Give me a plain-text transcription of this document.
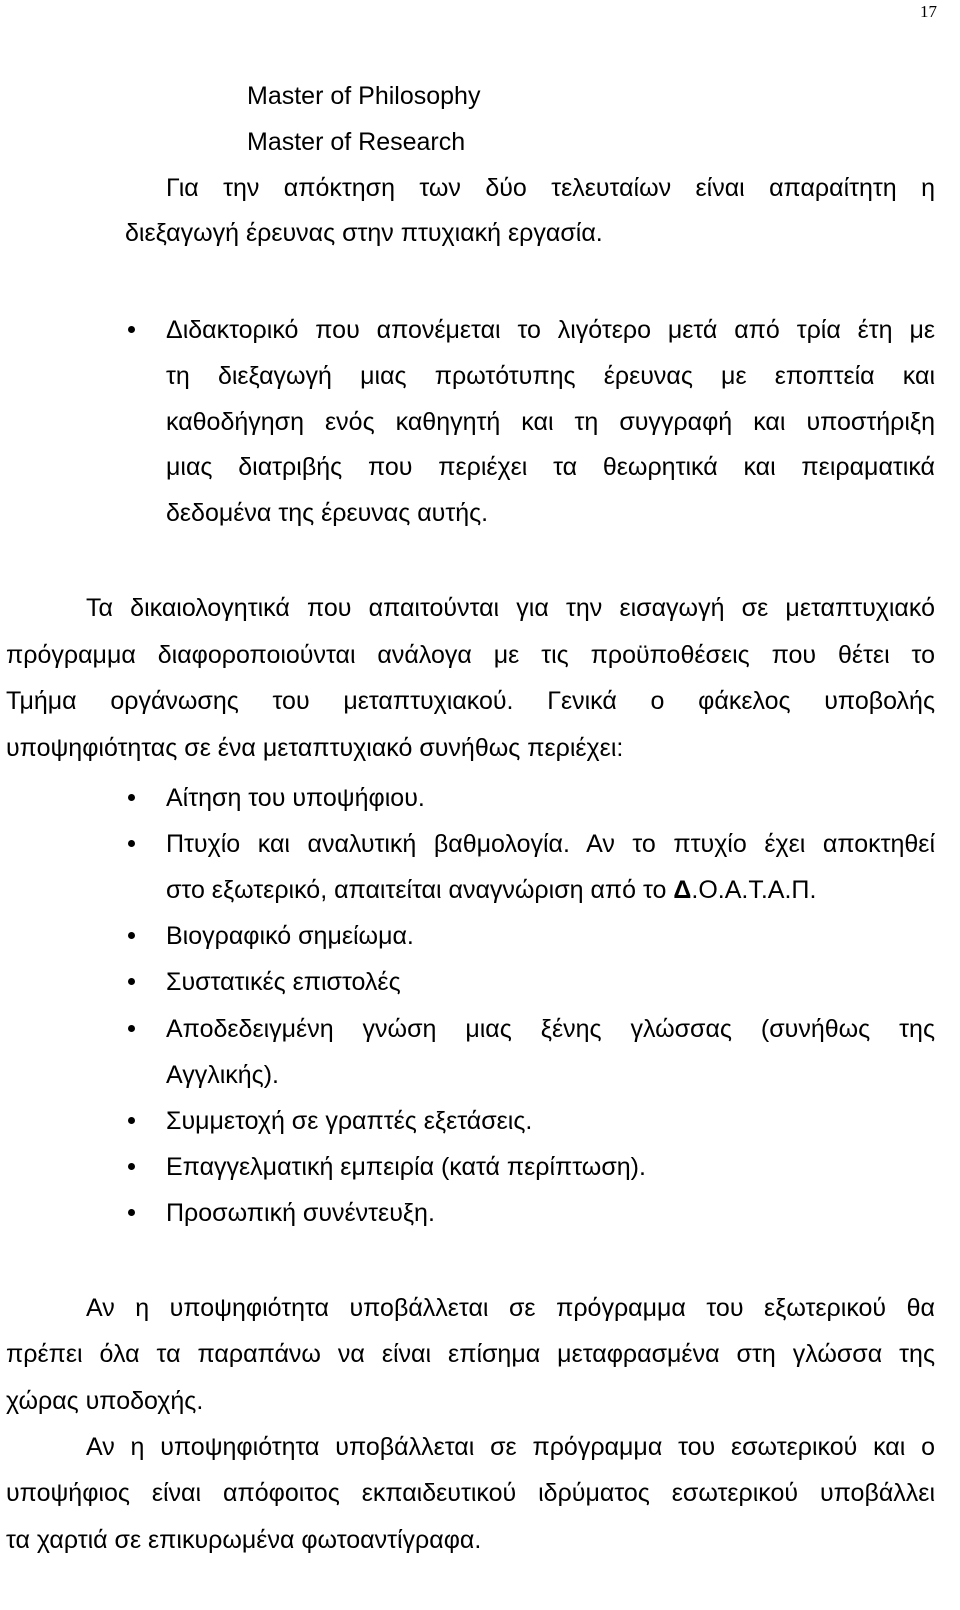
17
Master of Philosophy
Master of Research
Για την απόκτηση των δύο τελευταίων είναι απαραίτητη η
διεξαγωγή έρευνας στην πτυχιακή εργασία.
Διδακτορικό που απονέμεται το λιγότερο μετά από τρία έτη με
τη διεξαγωγή μιας πρωτότυπης έρευνας με εποπτεία και
καθοδήγηση ενός καθηγητή και τη συγγραφή και υποστήριξη
μιας διατριβής που περιέχει τα θεωρητικά και πειραματικά
δεδομένα της έρευνας αυτής.
Τα δικαιολογητικά που απαιτούνται για την εισαγωγή σε μεταπτυχιακό
πρόγραμμα διαφοροποιούνται ανάλογα με τις προϋποθέσεις που θέτει το
Τμήμα οργάνωσης του μεταπτυχιακού. Γενικά ο φάκελος υποβολής
υποψηφιότητας σε ένα μεταπτυχιακό συνήθως περιέχει:
Αίτηση του υποψήφιου.
Πτυχίο και αναλυτική βαθμολογία. Αν το πτυχίο έχει αποκτηθεί
στο εξωτερικό, απαιτείται αναγνώριση από το Δ.Ο.Α.Τ.Α.Π.
Βιογραφικό σημείωμα.
Συστατικές επιστολές
Αποδεδειγμένη γνώση μιας ξένης γλώσσας (συνήθως της
Αγγλικής).
Συμμετοχή σε γραπτές εξετάσεις.
Επαγγελματική εμπειρία (κατά περίπτωση).
Προσωπική συνέντευξη.
Αν η υποψηφιότητα υποβάλλεται σε πρόγραμμα του εξωτερικού θα
πρέπει όλα τα παραπάνω να είναι επίσημα μεταφρασμένα στη γλώσσα της
χώρας υποδοχής.
Αν η υποψηφιότητα υποβάλλεται σε πρόγραμμα του εσωτερικού και ο
υποψήφιος είναι απόφοιτος εκπαιδευτικού ιδρύματος εσωτερικού υποβάλλει
τα χαρτιά σε επικυρωμένα φωτοαντίγραφα.
